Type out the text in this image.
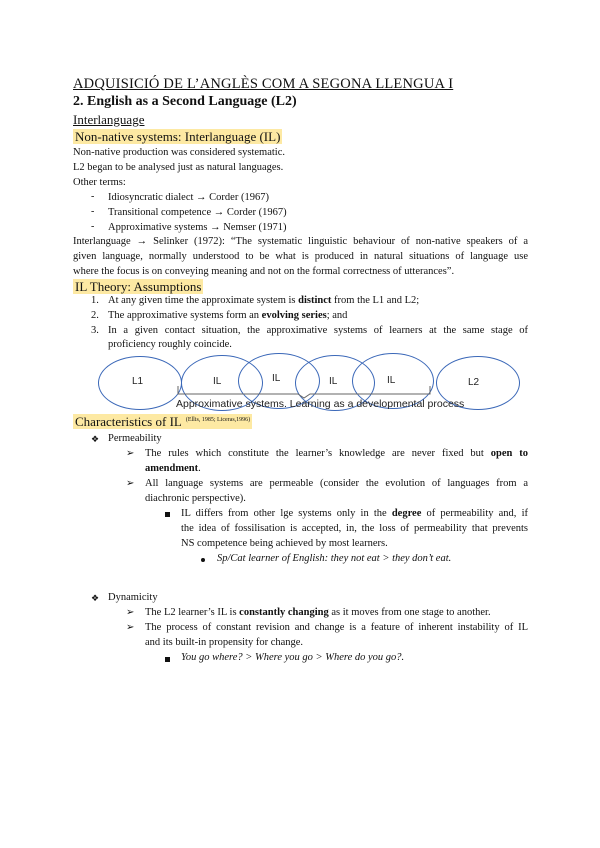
ADQUISICIÓ DE L’ANGLÈS COM A SEGONA LLENGUA I
2. English as a Second Language (L2)
Interlanguage
Non-native systems: Interlanguage (IL)
Non-native production was considered systematic.
L2 began to be analysed just as natural languages.
Other terms:
- Idiosyncratic dialect → Corder (1967)
- Transitional competence → Corder (1967)
- Approximative systems → Nemser (1971)
Interlanguage → Selinker (1972): “The systematic linguistic behaviour of non-native speakers of a
given language, normally understood to be what is produced in natural situations of language use
where the focus is on conveying meaning and not on the formal correctness of utterances”.
IL Theory: Assumptions
1. At any given time the approximate system is distinct from the L1 and L2;
2. The approximative systems form an evolving series; and
3. In a given contact situation, the approximative systems of learners at the same stage of
proficiency roughly coincide.
L1	IL	IL	IL	IL	L2
Approximative systems. Learning as a developmental process
Characteristics of IL $^{(Ellis, 1985; Liceras,1996)}$
❖ Permeability
➢ The rules which constitute the learner’s knowledge are never fixed but open to
amendment.
➢ All language systems are permeable (consider the evolution of languages from a
diachronic perspective).
IL differs from other lge systems only in the degree of permeability and, if
the idea of fossilisation is accepted, in, the loss of permeability that prevents
NS competence being achieved by most learners.
Sp/Cat learner of English: they not eat > they don’t eat.
❖ Dynamicity
➢ The L2 learner’s IL is constantly changing as it moves from one stage to another.
➢ The process of constant revision and change is a feature of inherent instability of IL
and its built-in propensity for change.
You go where? > Where you go > Where do you go?.
